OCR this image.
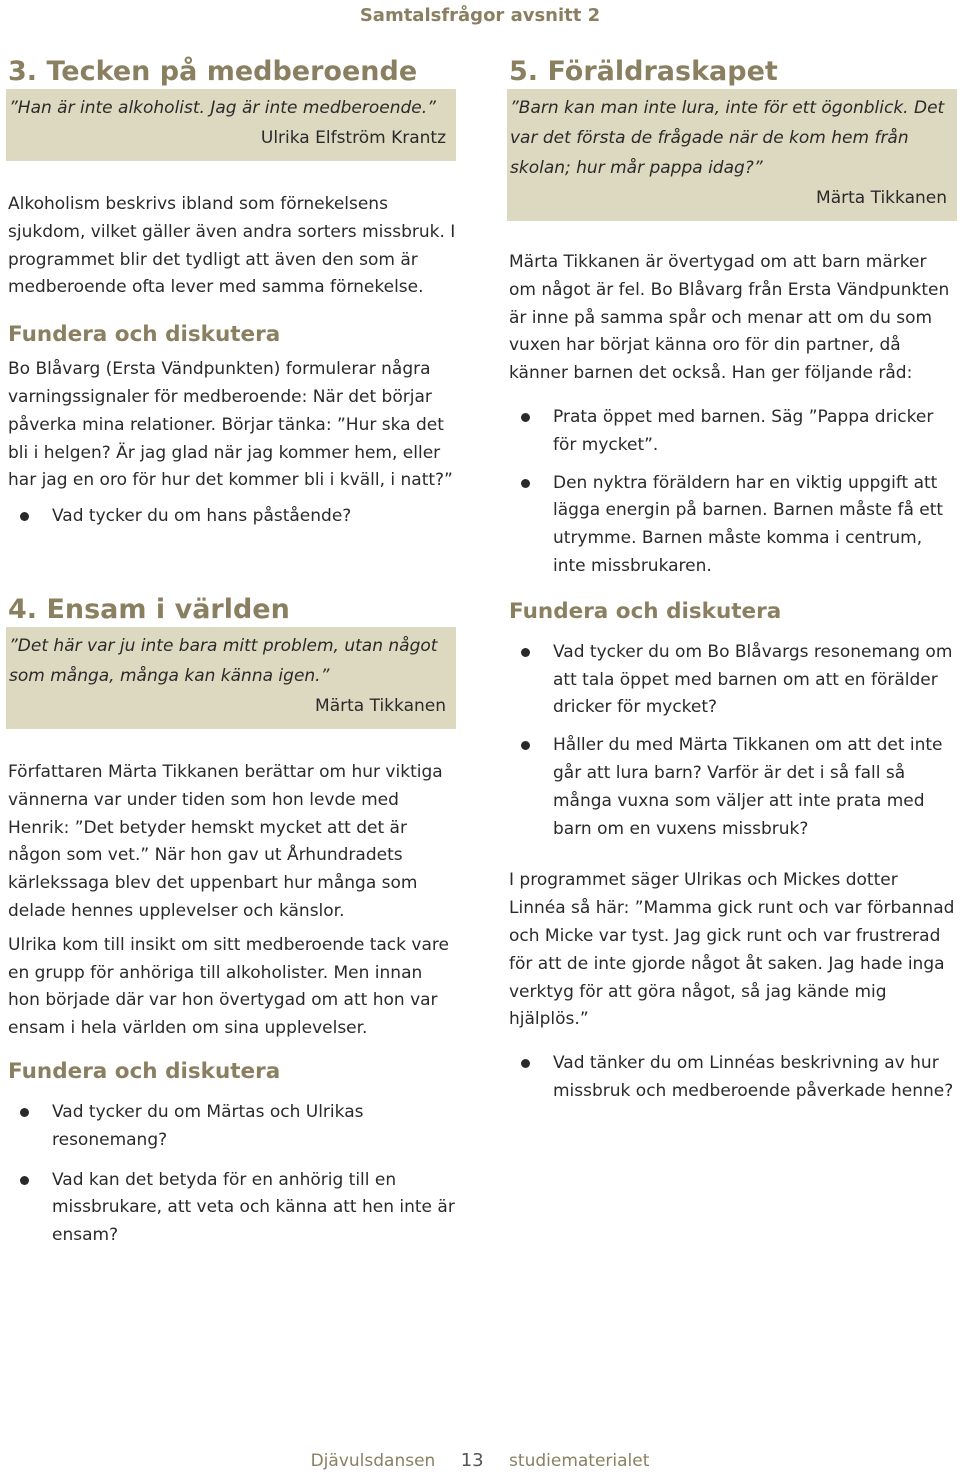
Samtalsfrågor avsnitt 2
3. Tecken på medberoende
”Han är inte alkoholist. Jag är inte medberoende.”
Ulrika Elfström Krantz

Alkoholism beskrivs ibland som förnekelsens sjukdom, vilket gäller även andra sorters missbruk. I programmet blir det tydligt att även den som är medberoende ofta lever med samma förnekelse.

Fundera och diskutera

Bo Blåvarg (Ersta Vändpunkten) formulerar några varningssignaler för medberoende: När det börjar påverka mina relationer. Börjar tänka: ”Hur ska det bli i helgen? Är jag glad när jag kommer hem, eller har jag en oro för hur det kommer bli i kväll, i natt?”

Vad tycker du om hans påstående?
4. Ensam i världen
”Det här var ju inte bara mitt problem, utan något som många, många kan känna igen.”
Märta Tikkanen

Författaren Märta Tikkanen berättar om hur viktiga vännerna var under tiden som hon levde med Henrik: ”Det betyder hemskt mycket att det är någon som vet.” När hon gav ut Århundradets kärlekssaga blev det uppenbart hur många som delade hennes upplevelser och känslor.

Ulrika kom till insikt om sitt medberoende tack vare en grupp för anhöriga till alkoholister. Men innan hon började där var hon övertygad om att hon var ensam i hela världen om sina upplevelser.

Fundera och diskutera
Vad tycker du om Märtas och Ulrikas resonemang?
Vad kan det betyda för en anhörig till en missbrukare, att veta och känna att hen inte är ensam?
5. Föräldraskapet
”Barn kan man inte lura, inte för ett ögonblick. Det var det första de frågade när de kom hem från skolan; hur mår pappa idag?”
Märta Tikkanen

Märta Tikkanen är övertygad om att barn märker om något är fel. Bo Blåvarg från Ersta Vändpunkten är inne på samma spår och menar att om du som vuxen har börjat känna oro för din partner, då känner barnen det också. Han ger följande råd:

Prata öppet med barnen. Säg ”Pappa dricker för mycket”.
Den nyktra föräldern har en viktig uppgift att lägga energin på barnen. Barnen måste få ett utrymme. Barnen måste komma i centrum, inte missbrukaren.
Fundera och diskutera
Vad tycker du om Bo Blåvargs resonemang om att tala öppet med barnen om att en förälder dricker för mycket?
Håller du med Märta Tikkanen om att det inte går att lura barn? Varför är det i så fall så många vuxna som väljer att inte prata med barn om en vuxens missbruk?

I programmet säger Ulrikas och Mickes dotter Linnéa så här: ”Mamma gick runt och var förbannad och Micke var tyst. Jag gick runt och var frustrerad för att de inte gjorde något åt saken. Jag hade inga verktyg för att göra något, så jag kände mig hjälplös.”

Vad tänker du om Linnéas beskrivning av hur missbruk och medberoende påverkade henne?
Djävulsdansen 13 studiematerialet
